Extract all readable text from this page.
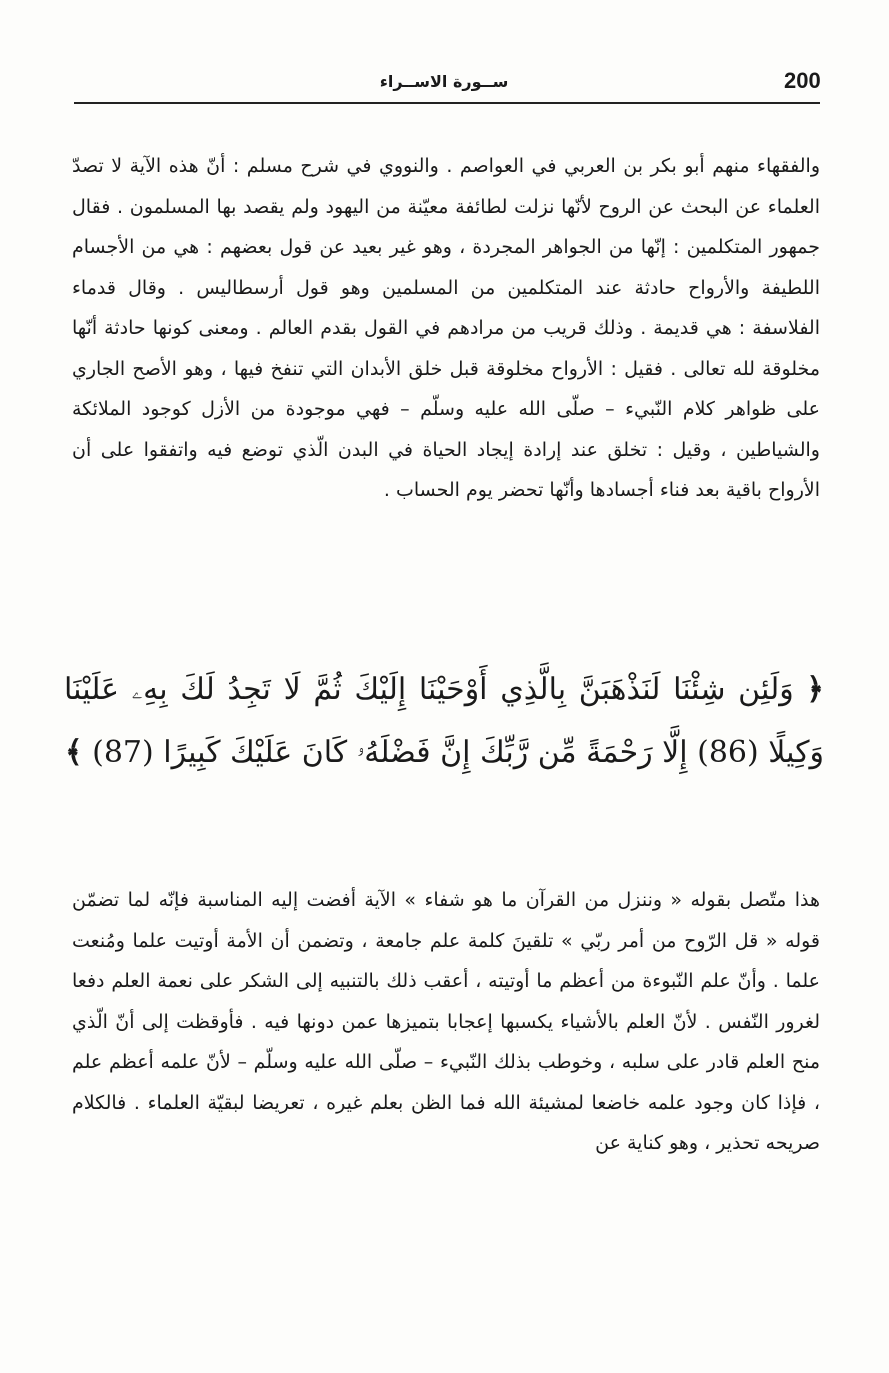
200
ســورة الاســراء

والفقهاء منهم أبو بكر بن العربي في العواصم . والنووي في شرح مسلم : أنّ هذه الآية لا تصدّ العلماء عن البحث عن الروح لأنّها نزلت لطائفة معيّنة من اليهود ولم يقصد بها المسلمون . فقال جمهور المتكلمين : إنّها من الجواهر المجردة ، وهو غير بعيد عن قول بعضهم : هي من الأجسام اللطيفة والأرواح حادثة عند المتكلمين من المسلمين وهو قول أرسطاليس . وقال قدماء الفلاسفة : هي قديمة . وذلك قريب من مرادهم في القول بقدم العالم . ومعنى كونها حادثة أنّها مخلوقة لله تعالى . فقيل : الأرواح مخلوقة قبل خلق الأبدان التي تنفخ فيها ، وهو الأصح الجاري على ظواهر كلام النّبيء – صلّى الله عليه وسلّم – فهي موجودة من الأزل كوجود الملائكة والشياطين ، وقيل : تخلق عند إرادة إيجاد الحياة في البدن الّذي توضع فيه واتفقوا على أن الأرواح باقية بعد فناء أجسادها وأنّها تحضر يوم الحساب .

﴿ وَلَئِن شِئْنَا لَنَذْهَبَنَّ بِالَّذِي أَوْحَيْنَا إِلَيْكَ ثُمَّ لَا تَجِدُ لَكَ بِهِۦ عَلَيْنَا وَكِيلًا (86) إِلَّا رَحْمَةً مِّن رَّبِّكَ إِنَّ فَضْلَهُۥ كَانَ عَلَيْكَ كَبِيرًا (87) ﴾

هذا متّصل بقوله « وننزل من القرآن ما هو شفاء » الآية أفضت إليه المناسبة فإنّه لما تضمّن قوله « قل الرّوح من أمر ربّي » تلقينَ كلمة علم جامعة ، وتضمن أن الأمة أوتيت علما ومُنعت علما . وأنّ علم النّبوءة من أعظم ما أوتيته ، أعقب ذلك بالتنبيه إلى الشكر على نعمة العلم دفعا لغرور النّفس . لأنّ العلم بالأشياء يكسبها إعجابا بتميزها عمن دونها فيه . فأوقظت إلى أنّ الّذي منح العلم قادر على سلبه ، وخوطب بذلك النّبيء – صلّى الله عليه وسلّم – لأنّ علمه أعظم علم ، فإذا كان وجود علمه خاضعا لمشيئة الله فما الظن بعلم غيره ، تعريضا لبقيّة العلماء . فالكلام صريحه تحذير ، وهو كناية عن
